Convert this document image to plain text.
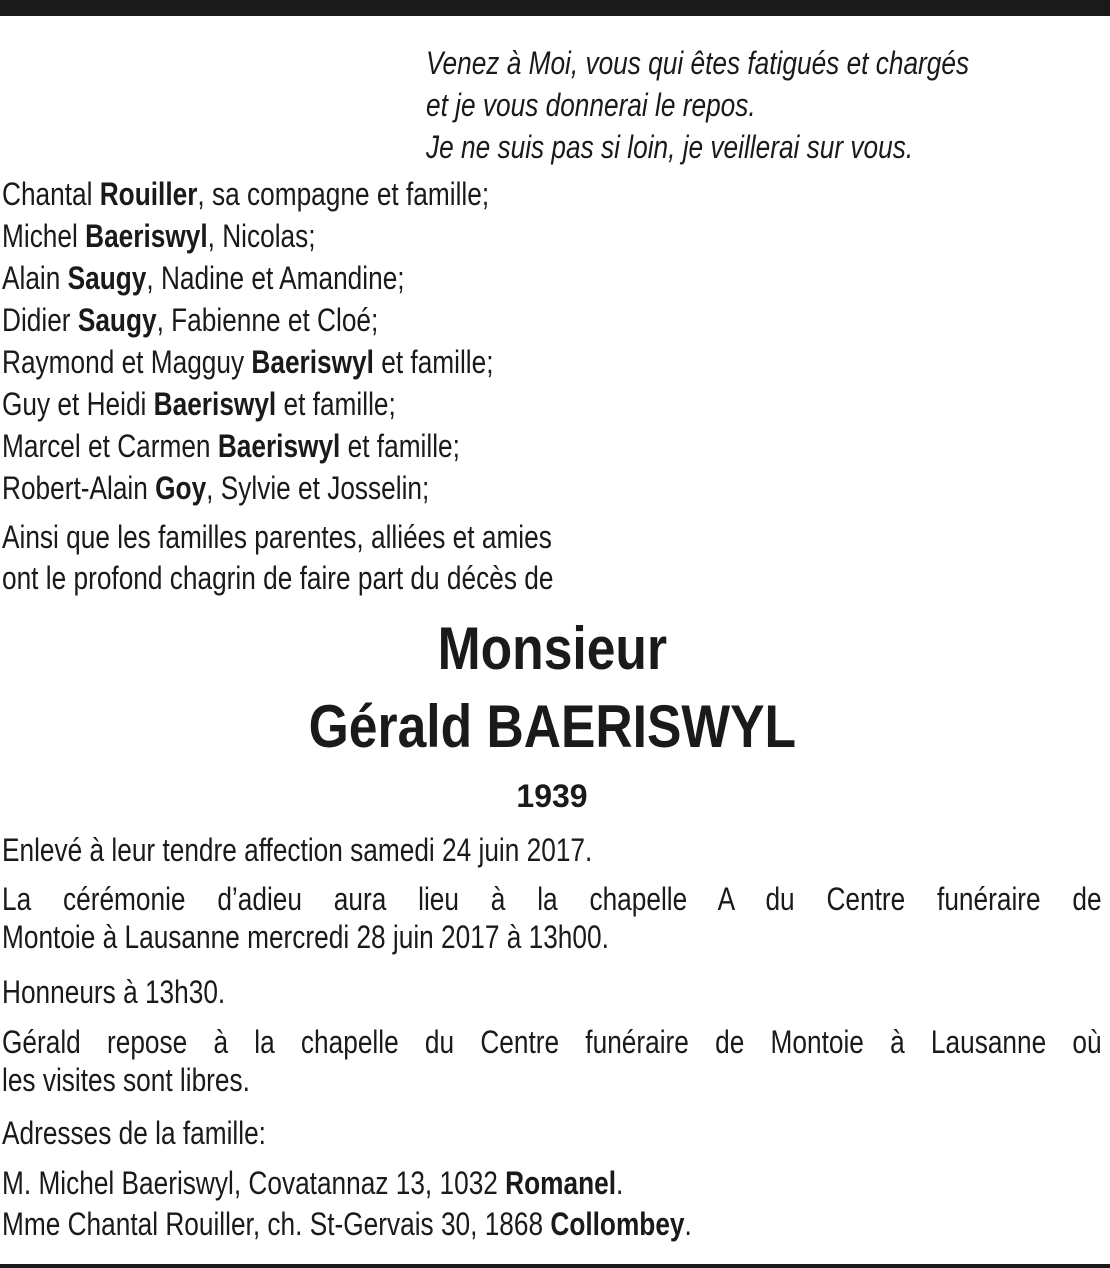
Venez à Moi, vous qui êtes fatigués et chargés
et je vous donnerai le repos.
Je ne suis pas si loin, je veillerai sur vous.
Chantal Rouiller, sa compagne et famille;
Michel Baeriswyl, Nicolas;
Alain Saugy, Nadine et Amandine;
Didier Saugy, Fabienne et Cloé;
Raymond et Magguy Baeriswyl et famille;
Guy et Heidi Baeriswyl et famille;
Marcel et Carmen Baeriswyl et famille;
Robert-Alain Goy, Sylvie et Josselin;
Ainsi que les familles parentes, alliées et amies
ont le profond chagrin de faire part du décès de
Monsieur
Gérald BAERISWYL
1939
Enlevé à leur tendre affection samedi 24 juin 2017.
La cérémonie d’adieu aura lieu à la chapelle A du Centre funéraire de
Montoie à Lausanne mercredi 28 juin 2017 à 13h00.
Honneurs à 13h30.
Gérald repose à la chapelle du Centre funéraire de Montoie à Lausanne où
les visites sont libres.
Adresses de la famille:
M. Michel Baeriswyl, Covatannaz 13, 1032 Romanel.
Mme Chantal Rouiller, ch. St-Gervais 30, 1868 Collombey.
